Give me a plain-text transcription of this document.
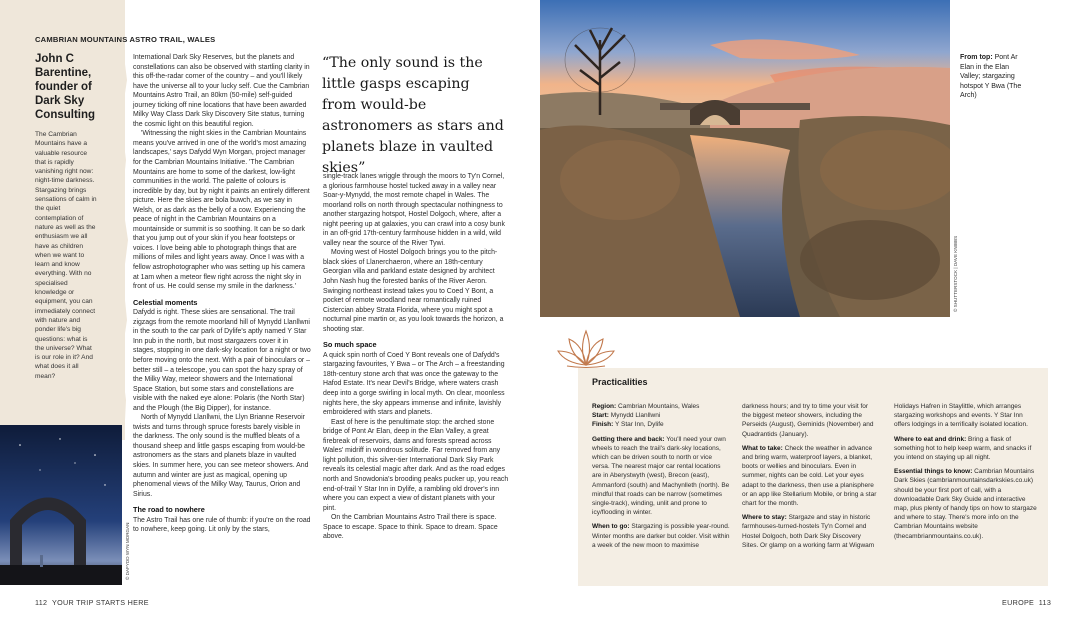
CAMBRIAN MOUNTAINS ASTRO TRAIL, WALES
John C Barentine, founder of Dark Sky Consulting
The Cambrian Mountains have a valuable resource that is rapidly vanishing right now: night-time darkness. Stargazing brings sensations of calm in the quiet contemplation of nature as well as the enthusiasm we all have as children when we want to learn and know everything. With no specialised knowledge or equipment, you can immediately connect with nature and ponder life's big questions: what is the universe? What is our role in it? And what does it all mean?
© DAFYDD WYN MORGAN

International Dark Sky Reserves, but the planets and constellations can also be observed with startling clarity in this off-the-radar corner of the country – and you'll likely have the universe all to your lucky self. Cue the Cambrian Mountains Astro Trail, an 80km (50-mile) self-guided journey ticking off nine locations that have been awarded Milky Way Class Dark Sky Discovery Site status, turning the cosmic light on this beautiful region.

'Witnessing the night skies in the Cambrian Mountains means you've arrived in one of the world's most amazing landscapes,' says Dafydd Wyn Morgan, project manager for the Cambrian Mountains Initiative. 'The Cambrian Mountains are home to some of the darkest, low-light communities in the world. The palette of colours is incredible by day, but by night it paints an entirely different picture. Here the skies are bola buwch, as we say in Welsh, or as dark as the belly of a cow. Experiencing the peace of night in the Cambrian Mountains on a mountainside or summit is so soothing. It can be so dark that you jump out of your skin if you hear footsteps or voices. I love being able to photograph things that are millions of miles and light years away. Once I was with a fellow astrophotographer who was setting up his camera at 1am when a meteor flew right across the night sky in front of us. He could sense my smile in the darkness.'

Celestial moments

Dafydd is right. These skies are sensational. The trail zigzags from the remote moorland hill of Mynydd Llanllwni in the south to the car park of Dylife's aptly named Y Star Inn pub in the north, but most stargazers cover it in stages, stopping in one dark-sky location for a night or two before moving onto the next. With a pair of binoculars or – better still – a telescope, you can spot the hazy spray of the Milky Way, meteor showers and the International Space Station, but some stars and constellations are visible with the naked eye alone: Polaris (the North Star) and the Plough (the Big Dipper), for instance.

North of Mynydd Llanllwni, the Llyn Brianne Reservoir twists and turns through spruce forests barely visible in the darkness. The only sound is the muffled bleats of a thousand sheep and little gasps escaping from would-be astronomers as the stars and planets blaze in vaulted skies. In summer here, you can see meteor showers. And autumn and winter are just as magical, opening up phenomenal views of the Milky Way, Taurus, Orion and Sirius.

The road to nowhere

The Astro Trail has one rule of thumb: if you're on the road to nowhere, keep going. Lit only by the stars,

“The only sound is the little gasps escaping from would-be astronomers as stars and planets blaze in vaulted skies”

single-track lanes wriggle through the moors to Ty'n Cornel, a glorious farmhouse hostel tucked away in a valley near Soar-y-Mynydd, the most remote chapel in Wales. The moorland rolls on north through spectacular nothingness to another stargazing hotspot, Hostel Dolgoch, where, after a night peering up at galaxies, you can crawl into a cosy bunk in an off-grid 17th-century farmhouse hidden in a wild, wild valley near the source of the River Tywi.

Moving west of Hostel Dolgoch brings you to the pitch-black skies of Llanerchaeron, where an 18th-century Georgian villa and parkland estate designed by architect John Nash hug the forested banks of the River Aeron. Swinging northeast instead takes you to Coed Y Bont, a pocket of remote woodland near romantically ruined Cistercian abbey Strata Florida, where you might spot a nocturnal pine martin or, as you look towards the horizon, a shooting star.

So much space

A quick spin north of Coed Y Bont reveals one of Dafydd's stargazing favourites, Y Bwa – or The Arch – a freestanding 18th-century stone arch that was once the gateway to the Hafod Estate. It's near Devil's Bridge, where waters crash deep into a gorge swirling in local myth. On clear, moonless nights here, the sky appears immense and infinite, lavishly embroidered with stars and planets.

East of here is the penultimate stop: the arched stone bridge of Pont Ar Elan, deep in the Elan Valley, a great firebreak of reservoirs, dams and forests spread across Wales' midriff in wondrous solitude. Far removed from any light pollution, this silver-tier International Dark Sky Park reveals its celestial magic after dark. And as the road edges north and Snowdonia's brooding peaks pucker up, you reach end-of-trail Y Star Inn in Dylife, a rambling old drover's inn where you can expect a view of distant planets with your pint.

On the Cambrian Mountains Astro Trail there is space. Space to escape. Space to think. Space to dream. Space above.

© SHUTTERSTOCK | DAVE KNIBBS
From top: Pont Ar Elan in the Elan Valley; stargazing hotspot Y Bwa (The Arch)
Practicalities

Region: Cambrian Mountains, Wales
Start: Mynydd Llanllwni
Finish: Y Star Inn, Dylife

Getting there and back: You'll need your own wheels to reach the trail's dark-sky locations, which can be driven south to north or vice versa. The nearest major car rental locations are in Aberystwyth (west), Brecon (east), Ammanford (south) and Machynlleth (north). Be mindful that roads can be narrow (sometimes single-track), winding, unlit and prone to icy/flooding in winter.

When to go: Stargazing is possible year-round. Winter months are darker but colder. Visit within a week of the new moon to maximise

darkness hours; and try to time your visit for the biggest meteor showers, including the Perseids (August), Geminids (November) and Quadrantids (January).

What to take: Check the weather in advance and bring warm, waterproof layers, a blanket, boots or wellies and binoculars. Even in summer, nights can be cold. Let your eyes adapt to the darkness, then use a planisphere or an app like Stellarium Mobile, or bring a star chart for the month.

Where to stay: Stargaze and stay in historic farmhouses-turned-hostels Ty'n Cornel and Hostel Dolgoch, both Dark Sky Discovery Sites. Or glamp on a working farm at Wigwam

Holidays Hafren in Staylittle, which arranges stargazing workshops and events. Y Star Inn offers lodgings in a terrifically isolated location.

Where to eat and drink: Bring a flask of something hot to help keep warm, and snacks if you intend on staying up all night.

Essential things to know: Cambrian Mountains Dark Skies (cambrianmountainsdarkskies.co.uk) should be your first port of call, with a downloadable Dark Sky Guide and interactive map, plus plenty of handy tips on how to stargaze and where to stay. There's more info on the Cambrian Mountains website (thecambrianmountains.co.uk).

112 YOUR TRIP STARTS HERE	EUROPE 113
